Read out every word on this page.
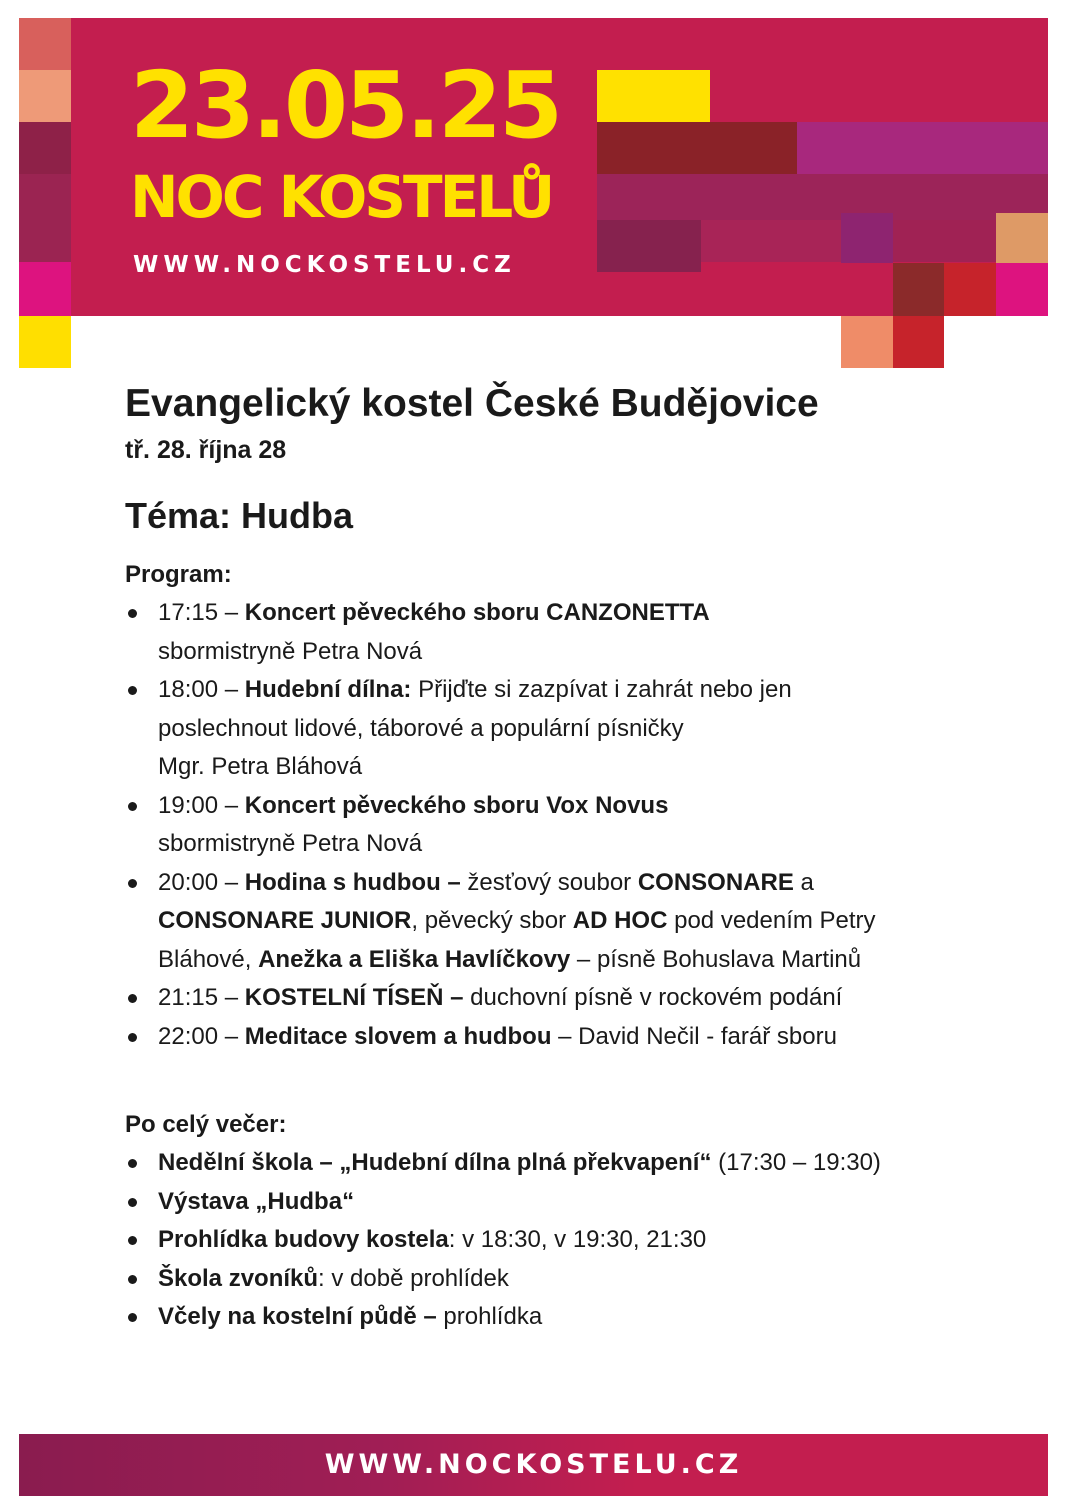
23.05.25
NOC KOSTELŮ
WWW.NOCKOSTELU.CZ
Evangelický kostel České Budějovice

tř. 28. října 28

Téma: Hudba

Program:

17:15 – Koncert pěveckého sboru CANZONETTA
sbormistryně Petra Nová
18:00 – Hudební dílna: Přijďte si zazpívat i zahrát nebo jen
poslechnout lidové, táborové a populární písničky
Mgr. Petra Bláhová
19:00 – Koncert pěveckého sboru Vox Novus
sbormistryně Petra Nová
20:00 – Hodina s hudbou – žesťový soubor CONSONARE a
CONSONARE JUNIOR, pěvecký sbor AD HOC pod vedením Petry
Bláhové, Anežka a Eliška Havlíčkovy – písně Bohuslava Martinů
21:15 – KOSTELNÍ TÍSEŇ – duchovní písně v rockovém podání
22:00 – Meditace slovem a hudbou – David Nečil - farář sboru

Po celý večer:

Nedělní škola – „Hudební dílna plná překvapení“ (17:30 – 19:30)
Výstava „Hudba“
Prohlídka budovy kostela: v 18:30, v 19:30, 21:30
Škola zvoníků: v době prohlídek
Včely na kostelní půdě – prohlídka
WWW.NOCKOSTELU.CZ
